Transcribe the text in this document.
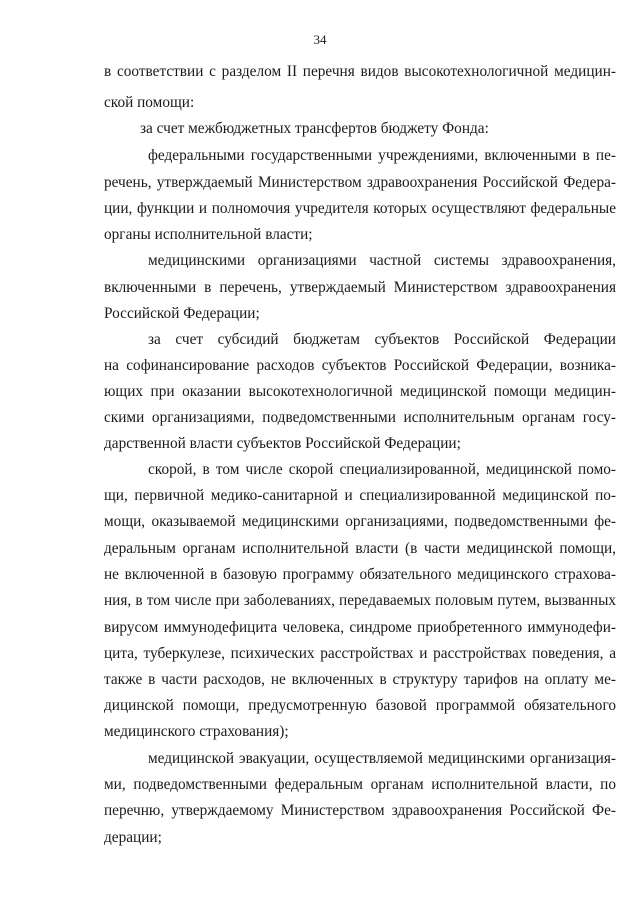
34
в соответствии с разделом II перечня видов высокотехнологичной медицин-
ской помощи:
за счет межбюджетных трансфертов бюджету Фонда:
федеральными государственными учреждениями, включенными в пе-
речень, утверждаемый Министерством здравоохранения Российской Федера-
ции, функции и полномочия учредителя которых осуществляют федеральные
органы исполнительной власти;
медицинскими организациями частной системы здравоохранения,
включенными в перечень, утверждаемый Министерством здравоохранения
Российской Федерации;
за счет субсидий бюджетам субъектов Российской Федерации
на софинансирование расходов субъектов Российской Федерации, возника-
ющих при оказании высокотехнологичной медицинской помощи медицин-
скими организациями, подведомственными исполнительным органам госу-
дарственной власти субъектов Российской Федерации;
скорой, в том числе скорой специализированной, медицинской помо-
щи, первичной медико-санитарной и специализированной медицинской по-
мощи, оказываемой медицинскими организациями, подведомственными фе-
деральным органам исполнительной власти (в части медицинской помощи,
не включенной в базовую программу обязательного медицинского страхова-
ния, в том числе при заболеваниях, передаваемых половым путем, вызванных
вирусом иммунодефицита человека, синдроме приобретенного иммунодефи-
цита, туберкулезе, психических расстройствах и расстройствах поведения, а
также в части расходов, не включенных в структуру тарифов на оплату ме-
дицинской помощи, предусмотренную базовой программой обязательного
медицинского страхования);
медицинской эвакуации, осуществляемой медицинскими организация-
ми, подведомственными федеральным органам исполнительной власти, по
перечню, утверждаемому Министерством здравоохранения Российской Фе-
дерации;
